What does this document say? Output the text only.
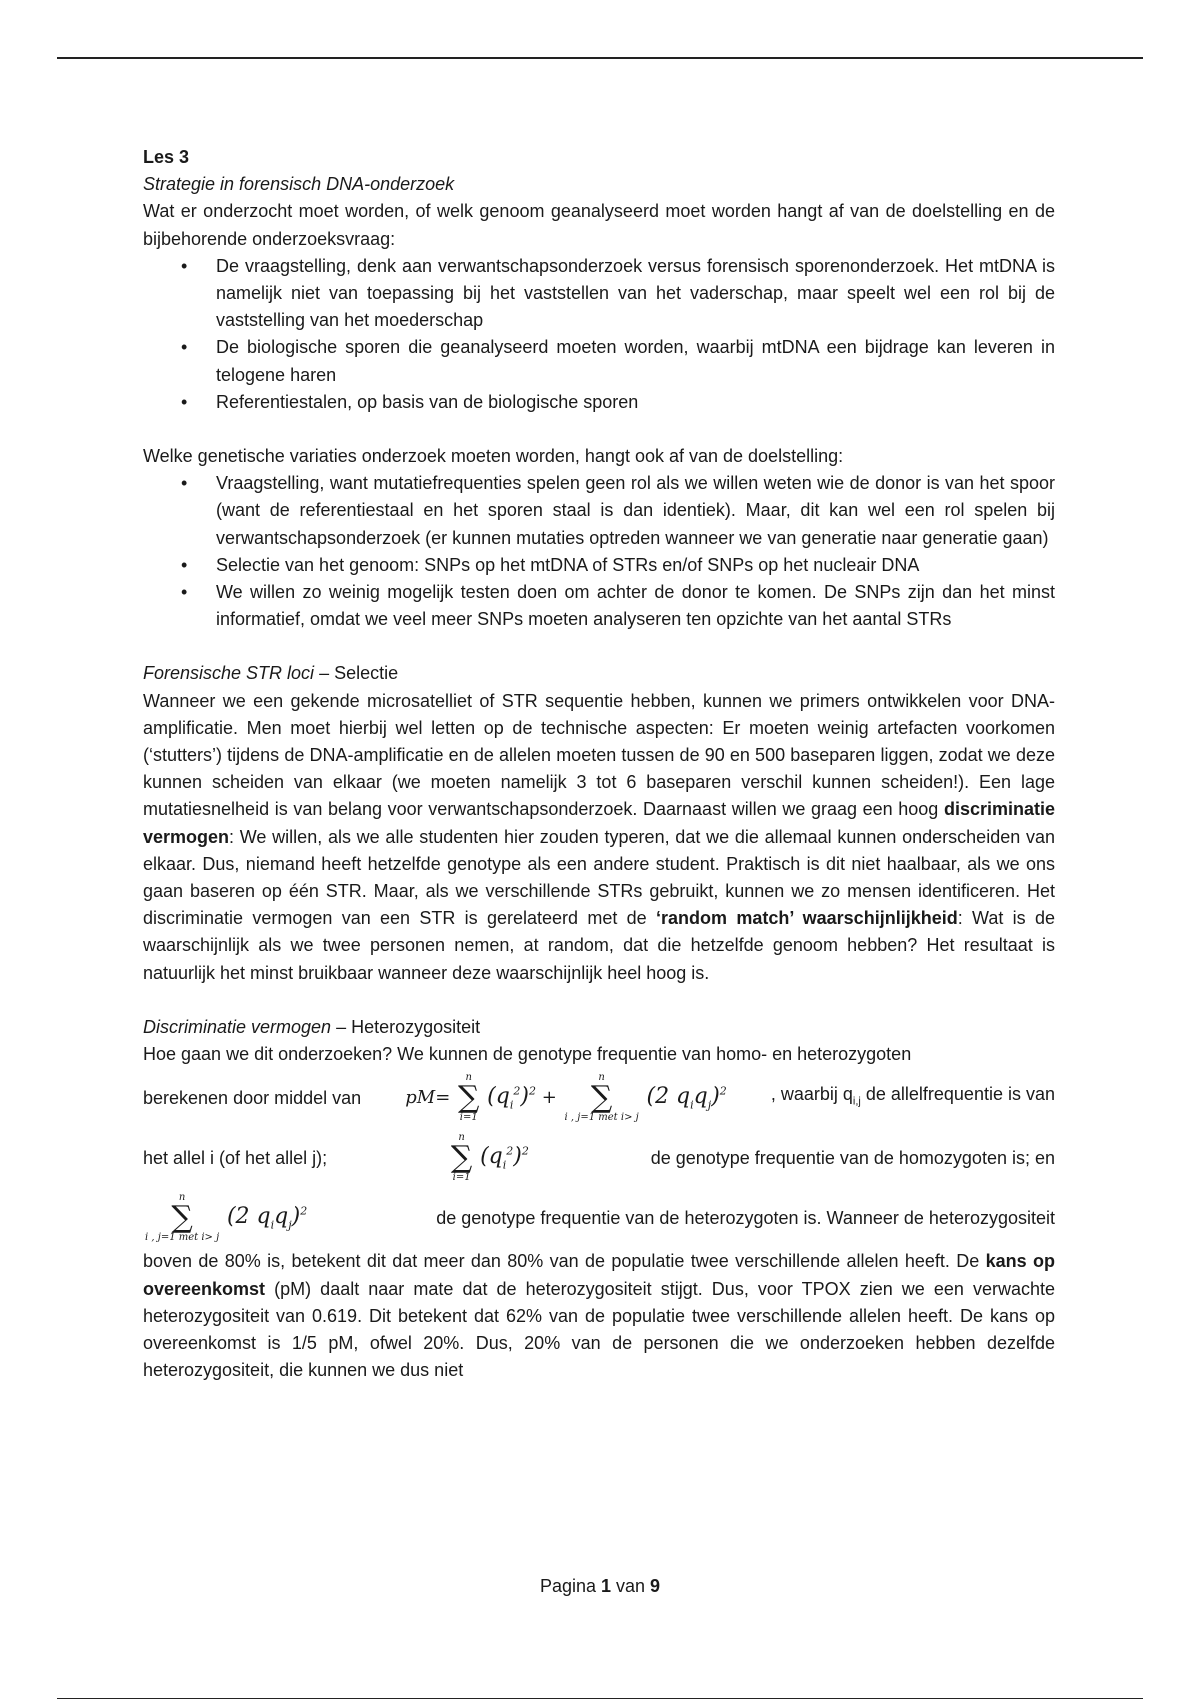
Les 3

Strategie in forensisch DNA-onderzoek

Wat er onderzocht moet worden, of welk genoom geanalyseerd moet worden hangt af van de doelstelling en de bijbehorende onderzoeksvraag:

• De vraagstelling, denk aan verwantschapsonderzoek versus forensisch sporenonderzoek. Het mtDNA is namelijk niet van toepassing bij het vaststellen van het vaderschap, maar speelt wel een rol bij de vaststelling van het moederschap
• De biologische sporen die geanalyseerd moeten worden, waarbij mtDNA een bijdrage kan leveren in telogene haren
• Referentiestalen, op basis van de biologische sporen

Welke genetische variaties onderzoek moeten worden, hangt ook af van de doelstelling:

• Vraagstelling, want mutatiefrequenties spelen geen rol als we willen weten wie de donor is van het spoor (want de referentiestaal en het sporen staal is dan identiek). Maar, dit kan wel een rol spelen bij verwantschapsonderzoek (er kunnen mutaties optreden wanneer we van generatie naar generatie gaan)
• Selectie van het genoom: SNPs op het mtDNA of STRs en/of SNPs op het nucleair DNA
• We willen zo weinig mogelijk testen doen om achter de donor te komen. De SNPs zijn dan het minst informatief, omdat we veel meer SNPs moeten analyseren ten opzichte van het aantal STRs

Forensische STR loci – Selectie

Wanneer we een gekende microsatelliet of STR sequentie hebben, kunnen we primers ontwikkelen voor DNA-amplificatie. Men moet hierbij wel letten op de technische aspecten: Er moeten weinig artefacten voorkomen (‘stutters’) tijdens de DNA-amplificatie en de allelen moeten tussen de 90 en 500 baseparen liggen, zodat we deze kunnen scheiden van elkaar (we moeten namelijk 3 tot 6 baseparen verschil kunnen scheiden!). Een lage mutatiesnelheid is van belang voor verwantschapsonderzoek. Daarnaast willen we graag een hoog discriminatie vermogen: We willen, als we alle studenten hier zouden typeren, dat we die allemaal kunnen onderscheiden van elkaar. Dus, niemand heeft hetzelfde genotype als een andere student. Praktisch is dit niet haalbaar, als we ons gaan baseren op één STR. Maar, als we verschillende STRs gebruikt, kunnen we zo mensen identificeren. Het discriminatie vermogen van een STR is gerelateerd met de ‘random match’ waarschijnlijkheid: Wat is de waarschijnlijk als we twee personen nemen, at random, dat die hetzelfde genoom hebben? Het resultaat is natuurlijk het minst bruikbaar wanneer deze waarschijnlijk heel hoog is.

Discriminatie vermogen – Heterozygositeit

Hoe gaan we dit onderzoeken? We kunnen de genotype frequentie van homo- en heterozygoten

berekenen door middel van pM=
n
∑
i=1
$(q_i^2)^2$ +
n
∑
i , j=1 met i> j
(2 $q_iq_j)^2$ , waarbij $q_{i,j}$ de allelfrequentie is van
het allel i (of het allel j);
n
∑
i=1
$(q_i^2)^2$	de genotype frequentie van de homozygoten is; en
n
∑
i , j=1 met i> j
(2 $q_iq_j)^2$	de genotype frequentie van de heterozygoten is. Wanneer de heterozygositeit

boven de 80% is, betekent dit dat meer dan 80% van de populatie twee verschillende allelen heeft. De kans op overeenkomst (pM) daalt naar mate dat de heterozygositeit stijgt. Dus, voor TPOX zien we een verwachte heterozygositeit van 0.619. Dit betekent dat 62% van de populatie twee verschillende allelen heeft. De kans op overeenkomst is 1/5 pM, ofwel 20%. Dus, 20% van de personen die we onderzoeken hebben dezelfde heterozygositeit, die kunnen we dus niet

Pagina 1 van 9
